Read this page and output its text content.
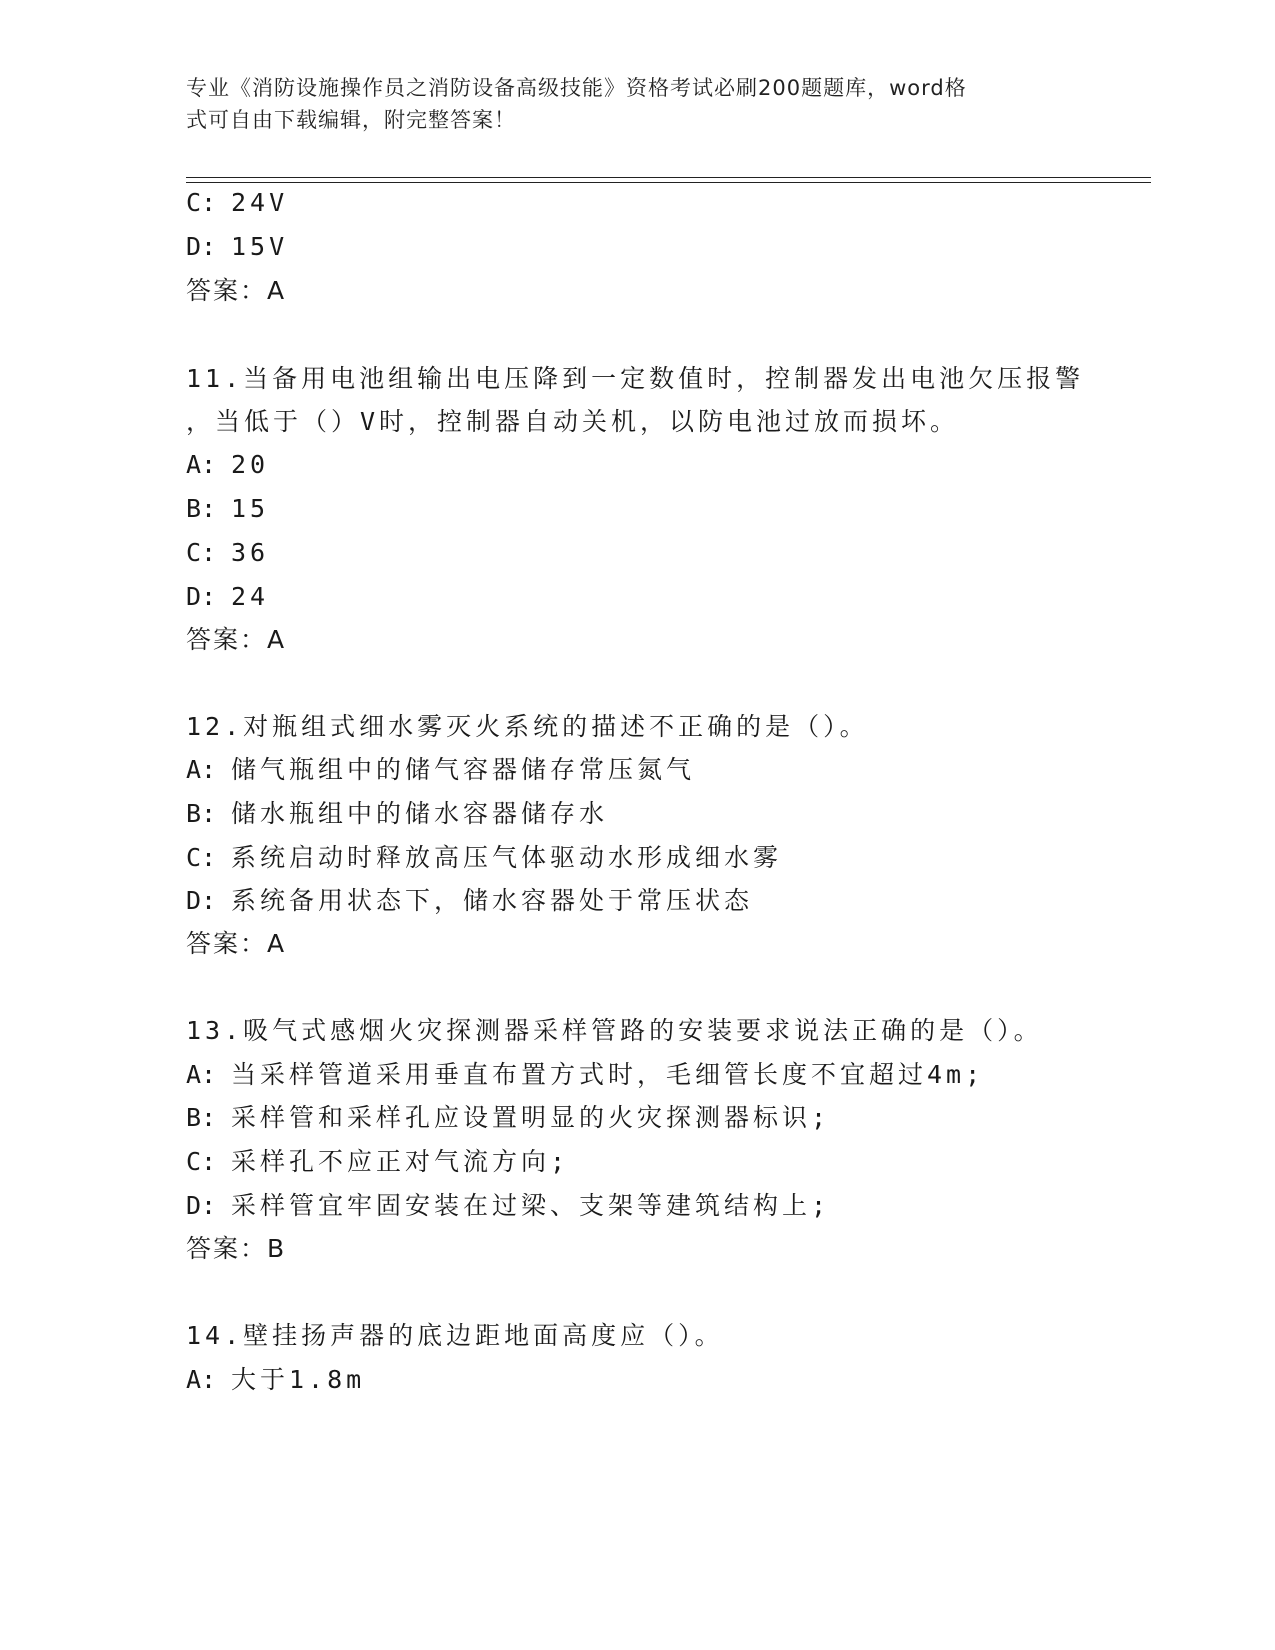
专业《消防设施操作员之消防设备高级技能》资格考试必刷200题题库，word格
式可自由下载编辑，附完整答案！
C: 24V
D: 15V
答案：A
11.当备用电池组输出电压降到一定数值时，控制器发出电池欠压报警
，当低于（）V时，控制器自动关机，以防电池过放而损坏。
A: 20
B: 15
C: 36
D: 24
答案：A
12.对瓶组式细水雾灭火系统的描述不正确的是（）。
A: 储气瓶组中的储气容器储存常压氮气
B: 储水瓶组中的储水容器储存水
C: 系统启动时释放高压气体驱动水形成细水雾
D: 系统备用状态下，储水容器处于常压状态
答案：A
13.吸气式感烟火灾探测器采样管路的安装要求说法正确的是（）。
A: 当采样管道采用垂直布置方式时，毛细管长度不宜超过4m;
B: 采样管和采样孔应设置明显的火灾探测器标识;
C: 采样孔不应正对气流方向;
D: 采样管宜牢固安装在过梁、支架等建筑结构上;
答案：B
14.壁挂扬声器的底边距地面高度应（）。
A: 大于1.8m
